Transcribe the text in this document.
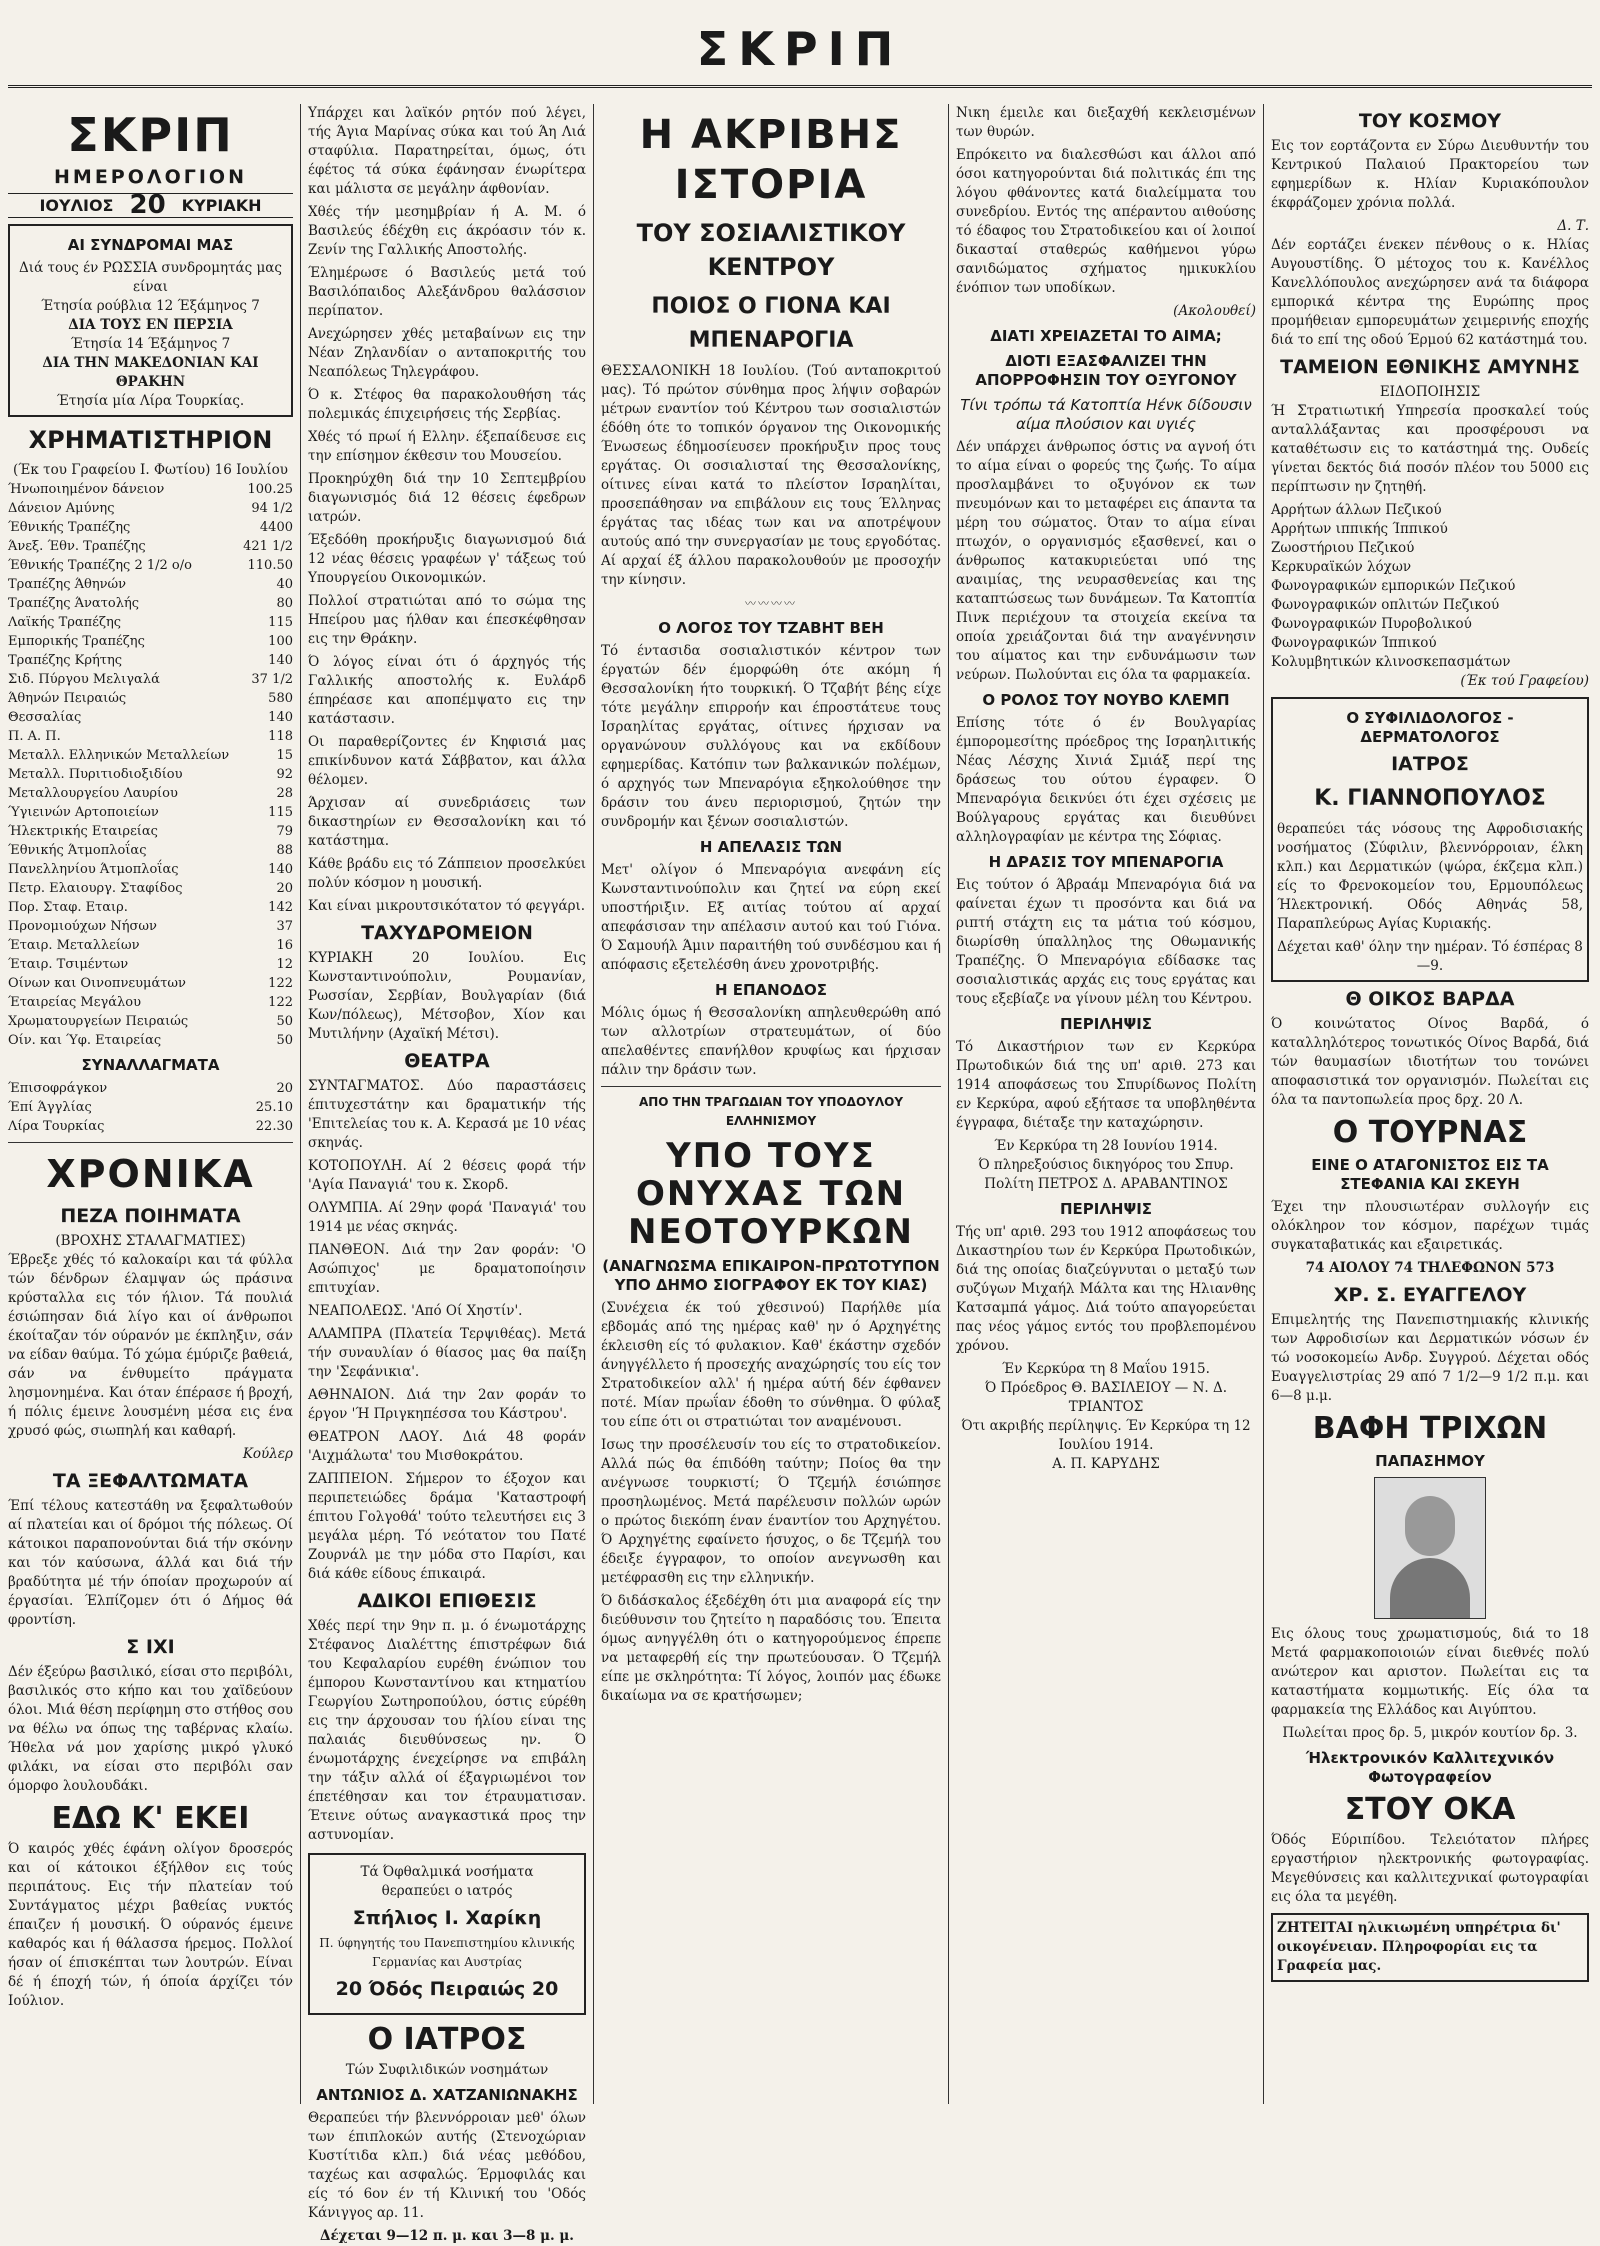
ΣΚΡΙΠ
ΣΚΡΙΠ
ΗΜΕΡΟΛΟΓΙΟΝ
ΙΟΥΛΙΟΣ 20 ΚΥΡΙΑΚΗ
ΑΙ ΣΥΝΔΡΟΜΑΙ ΜΑΣ
Διά τους έν ΡΩΣΣΙΑ συνδρομητάς μας είναι
Έτησία ρούβλια 12 Έξάμηνος 7
ΔΙΑ ΤΟΥΣ ΕΝ ΠΕΡΣΙΑ
Έτησία 14 Έξάμηνος 7
ΔΙΑ ΤΗΝ ΜΑΚΕΔΟΝΙΑΝ ΚΑΙ ΘΡΑΚΗΝ
Έτησία μία Λίρα Τουρκίας.
ΧΡΗΜΑΤΙΣΤΗΡΙΟΝ
(Έκ του Γραφείου Ι. Φωτίου) 16 Ιουλίου
Ήνωποιημένον δάνειον	100.25
Δάνειον Αμύνης	94 1/2
Έθνικής Τραπέζης	4400
Άνεξ. Έθν. Τραπέζης	421 1/2
Έθνικής Τραπέζης 2 1/2 ο/ο	110.50
Τραπέζης Άθηνών	40
Τραπέζης Άνατολής	80
Λαϊκής Τραπέζης	115
Εμπορικής Τραπέζης	100
Τραπέζης Κρήτης	140
Σιδ. Πύργου Μελιγαλά	37 1/2
Άθηνών Πειραιώς	580
Θεσσαλίας	140
Π. Α. Π.	118
Μεταλλ. Ελληνικών Μεταλλείων	15
Μεταλλ. Πυριτιοδιοξιδίου	92
Μεταλλουργείου Λαυρίου	28
Ύγιεινών Αρτοποιείων	115
Ήλεκτρικής Εταιρείας	79
Έθνικής Άτμοπλοΐας	88
Πανελληνίου Άτμοπλοΐας	140
Πετρ. Ελαιουργ. Σταφίδος	20
Πορ. Σταφ. Εταιρ.	142
Προνομιούχων Νήσων	37
Έταιρ. Μεταλλείων	16
Έταιρ. Τσιμέντων	12
Οίνων και Οινοπνευμάτων	122
Έταιρείας Μεγάλου	122
Χρωματουργείων Πειραιώς	50
Οίν. και Ύφ. Εταιρείας	50
ΣΥΝΑΛΛΑΓΜΑΤΑ
Έπισοφράγκον	20
Έπί Άγγλίας	25.10
Λίρα Τουρκίας	22.30
ΧΡΟΝΙΚΑ
ΠΕΖΑ ΠΟΙΗΜΑΤΑ
(ΒΡΟΧΗΣ ΣΤΑΛΑΓΜΑΤΙΕΣ)

Έβρεξε χθές τό καλοκαίρι και τά φύλλα τών δένδρων έλαμψαν ώς πράσινα κρύσταλλα εις τόν ήλιον. Τά πουλιά έσιώπησαν διά λίγο και οί άνθρωποι έκοίταζαν τόν ούρανόν με έκπληξιν, σάν να είδαν θαύμα. Τό χώμα έμύριζε βαθειά, σάν να ένθυμείτο πράγματα λησμονημένα. Και όταν έπέρασε ή βροχή, ή πόλις έμεινε λουσμένη μέσα εις ένα χρυσό φώς, σιωπηλή και καθαρή.

Κούλερ
ΤΑ ΞΕΦΑΛΤΩΜΑΤΑ

Έπί τέλους κατεστάθη να ξεφαλτωθούν αί πλατείαι και οί δρόμοι τής πόλεως. Οί κάτοικοι παραπονούνται διά τήν σκόνην και τόν καύσωνα, άλλά και διά τήν βραδύτητα μέ τήν όποίαν προχωρούν αί έργασίαι. Έλπίζομεν ότι ό Δήμος θά φροντίση.

Σ ΙΧΙ

Δέν έξεύρω βασιλικό, είσαι στο περιβόλι, βασιλικός στο κήπο και του χαϊδεύουν όλοι. Μιά θέση περίφημη στο στήθος σου να θέλω να όπως της ταβέρνας κλαίω. Ήθελα νά μον χαρίσης μικρό γλυκό φιλάκι, να είσαι στο περιβόλι σαν όμορφο λουλουδάκι.

ΕΔΩ Κ' ΕΚΕΙ

Ό καιρός χθές έφάνη ολίγον δροσερός και οί κάτοικοι έξήλθον εις τούς περιπάτους. Εις τήν πλατείαν τού Συντάγματος μέχρι βαθείας νυκτός έπαιζεν ή μουσική. Ό ούρανός έμεινε καθαρός και ή θάλασσα ήρεμος. Πολλοί ήσαν οί έπισκέπται των λουτρών. Είναι δέ ή έποχή τών, ή όποία άρχίζει τόν Ιούλιον.

Υπάρχει και λαϊκόν ρητόν πού λέγει, τής Άγια Μαρίνας σύκα και τού Άη Λιά σταφύλια. Παρατηρείται, όμως, ότι έφέτος τά σύκα έφάνησαν ένωρίτερα και μάλιστα σε μεγάλην άφθονίαν.

Χθές τήν μεσημβρίαν ή Α. Μ. ό Βασιλεύς έδέχθη εις άκρόασιν τόν κ. Ζενίν της Γαλλικής Αποστολής.

Έλημέρωσε ό Βασιλεύς μετά τού Βασιλόπαιδος Αλεξάνδρου θαλάσσιον περίπατον.

Ανεχώρησεν χθές μεταβαίνων εις την Νέαν Ζηλανδίαν ο ανταποκριτής του Νεαπόλεως Τηλεγράφου.

Ό κ. Στέφος θα παρακολουθήση τάς πολεμικάς έπιχειρήσεις τής Σερβίας.

Χθές τό πρωί ή Ελλην. έξεπαίδευσε εις την επίσημον έκθεσιν του Μουσείου.

Προκηρύχθη διά την 10 Σεπτεμβρίου διαγωνισμός διά 12 θέσεις έφεδρων ιατρών.

Έξεδόθη προκήρυξις διαγωνισμού διά 12 νέας θέσεις γραφέων γ' τάξεως τού Υπουργείου Οικονομικών.

Πολλοί στρατιώται από το σώμα της Ηπείρου μας ήλθαν και έπεσκέφθησαν εις την Θράκην.

Ό λόγος είναι ότι ό άρχηγός τής Γαλλικής αποστολής κ. Ευλάρδ έπηρέασε και αποπέμψατο εις την κατάστασιν.

Οι παραθερίζοντες έν Κηφισιά μας επικίνδυνον κατά Σάββατον, και άλλα θέλομεν.

Άρχισαν αί συνεδριάσεις των δικαστηρίων εν Θεσσαλονίκη και τό κατάστημα.

Κάθε βράδυ εις τό Ζάππειον προσελκύει πολύν κόσμον η μουσική.

Και είναι μικρουτσικότατον τό φεγγάρι.

ΤΑΧΥΔΡΟΜΕΙΟΝ

ΚΥΡΙΑΚΗ 20 Ιουλίου. Εις Κωνσταντινούπολιν, Ρουμανίαν, Ρωσσίαν, Σερβίαν, Βουλγαρίαν (διά Κων/πόλεως), Μέτσοβον, Χίον και Μυτιλήνην (Αχαϊκή Μέτσι).

ΘΕΑΤΡΑ

ΣΥΝΤΑΓΜΑΤΟΣ. Δύο παραστάσεις έπιτυχεστάτην και δραματικήν τής 'Επιτελείας του κ. Α. Κερασά με 10 νέας σκηνάς.

ΚΟΤΟΠΟΥΛΗ. Αί 2 θέσεις φορά τήν 'Αγία Παναγιά' του κ. Σκορδ.

ΟΛΥΜΠΙΑ. Αί 29ην φορά 'Παναγιά' του 1914 με νέας σκηνάς.

ΠΑΝΘΕΟΝ. Διά την 2αν φοράν: 'Ο Ασώπιχος' με δραματοποίησιν επιτυχίαν.

ΝΕΑΠΟΛΕΩΣ. 'Από Οί Χηστίν'.

ΑΛΑΜΠΡΑ (Πλατεία Τερψιθέας). Μετά τήν συναυλίαν ό θίασος μας θα παίξη την 'Σεφάνικια'.

ΑΘΗΝΑΙΟΝ. Διά την 2αν φοράν το έργον 'Ή Πριγκηπέσσα του Κάστρου'.

ΘΕΑΤΡΟΝ ΛΑΟΥ. Διά 48 φοράν 'Αιχμάλωτα' του Μισθοκράτου.

ΖΑΠΠΕΙΟΝ. Σήμερον το έξοχον και περιπετειώδες δράμα 'Καταστροφή έπιτου Γολγοθά' τούτο τελευτήσει εις 3 μεγάλα μέρη. Τό νεότατον του Πατέ Ζουρνάλ με την μόδα στο Παρίσι, και διά κάθε είδους έπικαιρά.

ΑΔΙΚΟΙ ΕΠΙΘΕΣΙΣ

Χθές περί την 9ην π. μ. ό ένωμοτάρχης Στέφανος Διαλέττης έπιστρέφων διά του Κεφαλαρίου ευρέθη ένώπιον του έμπορου Κωνσταντίνου και κτηματίου Γεωργίου Σωτηροπούλου, όστις εύρέθη εις την άρχουσαν του ήλίου είναι της παλαιάς διευθύνσεως ην. Ό ένωμοτάρχης ένεχείρησε να επιβάλη την τάξιν αλλά οί έξαγριωμένοι τον έπετέθησαν και τον έτραυματισαν. Έτεινε ούτως αναγκαστικά προς την αστυνομίαν.

Τά Όφθαλμικά νοσήματα
θεραπεύει ο ιατρός
Σπήλιος Ι. Χαρίκη
Π. ύφηγητής του Πανεπιστημίου κλινικής Γερμανίας και Αυστρίας
20 Όδός Πειραιώς 20
Ο ΙΑΤΡΟΣ
Τών Συφιλιδικών νοσημάτων
ΑΝΤΩΝΙΟΣ Δ. ΧΑΤΖΑΝΙΩΝΑΚΗΣ

Θεραπεύει τήν βλεννόρροιαν μεθ' όλων των έπιπλοκών αυτής (Στενοχώριαν Κυστίτιδα κλπ.) διά νέας μεθόδου, ταχέως και ασφαλώς. Έρμοφιλάς και είς τό 6ον έν τή Κλινική του 'Οδός Κάνιγγος αρ. 11.

Δέχεται 9—12 π. μ. και 3—8 μ. μ.
Η ΑΚΡΙΒΗΣ ΙΣΤΟΡΙΑ
ΤΟΥ ΣΟΣΙΑΛΙΣΤΙΚΟΥ ΚΕΝΤΡΟΥ
ΠΟΙΟΣ Ο ΓΙΟΝΑ ΚΑΙ ΜΠΕΝΑΡΟΓΙΑ

ΘΕΣΣΑΛΟΝΙΚΗ 18 Ιουλίου. (Τού ανταποκριτού μας). Τό πρώτον σύνθημα προς λήψιν σοβαρών μέτρων εναντίον τού Κέντρου των σοσιαλιστών έδόθη ότε το τοπικόν όργανον της Οικονομικής Ένωσεως έδημοσίευσεν προκήρυξιν προς τους εργάτας. Οι σοσιαλισταί της Θεσσαλονίκης, οίτινες είναι κατά το πλείστον Ισραηλίται, προσεπάθησαν να επιβάλουν εις τους Έλληνας έργάτας τας ιδέας των και να αποτρέψουν αυτούς από την συνεργασίαν με τους εργοδότας. Αί αρχαί έξ άλλου παρακολουθούν με προσοχήν την κίνησιν.

〰〰〰〰
Ο ΛΟΓΟΣ ΤΟΥ ΤΖΑΒΗΤ ΒΕΗ

Τό έντασιδα σοσιαλιστικόν κέντρον των έργατών δέν έμορφώθη ότε ακόμη ή Θεσσαλονίκη ήτο τουρκική. Ό Τζαβήτ βέης είχε τότε μεγάλην επιρροήν και έπροστάτευε τους Ισραηλίτας εργάτας, οίτινες ήρχισαν να οργανώνουν συλλόγους και να εκδίδουν εφημερίδας. Κατόπιν των βαλκανικών πολέμων, ό αρχηγός των Μπεναρόγια εξηκολούθησε την δράσιν του άνευ περιορισμού, ζητών την συνδρομήν και ξένων σοσιαλιστών.

Η ΑΠΕΛΑΣΙΣ ΤΩΝ

Μετ' ολίγον ό Μπεναρόγια ανεφάνη είς Κωνσταντινούπολιν και ζητεί να εύρη εκεί υποστήριξιν. Εξ αιτίας τούτου αί αρχαί απεφάσισαν την απέλασιν αυτού και τού Γιόνα. Ό Σαμουήλ Άμιν παραιτήθη τού συνδέσμου και ή απόφασις εξετελέσθη άνευ χρονοτριβής.

Η ΕΠΑΝΟΔΟΣ

Μόλις όμως ή Θεσσαλονίκη απηλευθερώθη από των αλλοτρίων στρατευμάτων, οί δύο απελαθέντες επανήλθον κρυφίως και ήρχισαν πάλιν την δράσιν των.

ΑΠΟ ΤΗΝ ΤΡΑΓΩΔΙΑΝ ΤΟΥ ΥΠΟΔΟΥΛΟΥ ΕΛΛΗΝΙΣΜΟΥ
ΥΠΟ ΤΟΥΣ ΟΝΥΧΑΣ ΤΩΝ ΝΕΟΤΟΥΡΚΩΝ
(ΑΝΑΓΝΩΣΜΑ ΕΠΙΚΑΙΡΟΝ-ΠΡΩΤΟΤΥΠΟΝ ΥΠΟ ΔΗΜΟ ΣΙΟΓΡΑΦΟΥ ΕΚ ΤΟΥ ΚΙΑΣ)

(Συνέχεια έκ τού χθεσινού) Παρήλθε μία εβδομάς από της ημέρας καθ' ην ό Αρχηγέτης έκλεισθη είς τό φυλακιον. Καθ' έκάστην σχεδόν άνηγγέλλετο ή προσεχής αναχώρησίς του είς τον Στρατοδικείον αλλ' ή ημέρα αύτή δέν έφθανεν ποτέ. Μίαν πρωΐαν έδοθη το σύνθημα. Ό φύλαξ του είπε ότι οι στρατιώται τον αναμένουσι.

Ισως την προσέλευσίν του είς το στρατοδικείον. Αλλά πώς θα έπιδόθη ταύτην; Ποίος θα την ανέγνωσε τουρκιστί; Ό Τζεμήλ έσιώπησε προσηλωμένος. Μετά παρέλευσιν πολλών ωρών ο πρώτος διεκόπη έναν έναντίον του Αρχηγέτου. Ό Αρχηγέτης εφαίνετο ήσυχος, ο δε Τζεμήλ του έδειξε έγγραφον, το οποίον ανεγνωσθη και μετέφρασθη εις την ελληνικήν.

Ό διδάσκαλος έξεδέχθη ότι μια αναφορά είς την διεύθυνσιν του ζητείτο η παραδόσις του. Έπειτα όμως ανηγγέλθη ότι ο κατηγορούμενος έπρεπε να μεταφερθή είς την πρωτεύουσαν. Ό Τζεμήλ είπε με σκληρότητα: Τί λόγος, λοιπόν μας έδωκε δικαίωμα να σε κρατήσωμεν;

Νικη έμειλε και διεξαχθή κεκλεισμένων των θυρών.

Επρόκειτο να διαλεσθώσι και άλλοι από όσοι κατηγορούνται διά πολιτικάς έπι της λόγου φθάνοντες κατά διαλείμματα του συνεδρίου. Εντός της απέραντου αιθούσης τό έδαφος του Στρατοδικείου και οί λοιποί δικασταί σταθερώς καθήμενοι γύρω σανιδώματος σχήματος ημικυκλίου ένόπιον των υποδίκων.

(Ακολουθεί)
ΔΙΑΤΙ ΧΡΕΙΑΖΕΤΑΙ ΤΟ ΑΙΜΑ;
ΔΙΟΤΙ ΕΞΑΣΦΑΛΙΖΕΙ ΤΗΝ ΑΠΟΡΡΟΦΗΣΙΝ ΤΟΥ ΟΞΥΓΟΝΟΥ
Τίνι τρόπω τά Κατοπτία Ηένκ δίδουσιν αίμα πλούσιον και υγιές

Δέν υπάρχει άνθρωπος όστις να αγνοή ότι το αίμα είναι ο φορεύς της ζωής. Το αίμα προσλαμβάνει το οξυγόνον εκ των πνευμόνων και το μεταφέρει εις άπαντα τα μέρη του σώματος. Όταν το αίμα είναι πτωχόν, ο οργανισμός εξασθενεί, και ο άνθρωπος κατακυριεύεται υπό της αναιμίας, της νευρασθενείας και της καταπτώσεως των δυνάμεων. Τα Κατοπτία Πινκ περιέχουν τα στοιχεία εκείνα τα οποία χρειάζονται διά την αναγέννησιν του αίματος και την ενδυνάμωσιν των νεύρων. Πωλούνται εις όλα τα φαρμακεία.

Ο ΡΟΛΟΣ ΤΟΥ ΝΟΥΒΟ ΚΛΕΜΠ

Επίσης τότε ό έν Βουλγαρίας έμπορομεσίτης πρόεδρος της Ισραηλιτικής Νέας Λέσχης Χινιά Σμιάξ περί της δράσεως του ούτου έγραφεν. Ό Μπεναρόγια δεικνύει ότι έχει σχέσεις με Βούλγαρους εργάτας και διευθύνει αλληλογραφίαν με κέντρα της Σόφιας.

Η ΔΡΑΣΙΣ ΤΟΥ ΜΠΕΝΑΡΟΓΙΑ

Εις τούτον ό Άβραάμ Μπεναρόγια διά να φαίνεται έχων τι προσόντα και διά να ριπτή στάχτη εις τα μάτια τού κόσμου, διωρίσθη ύπαλληλος της Οθωμανικής Τραπέζης. Ό Μπεναρόγια εδίδασκε τας σοσιαλιστικάς αρχάς εις τους εργάτας και τους εξεβίαζε να γίνουν μέλη του Κέντρου.

ΠΕΡΙΛΗΨΙΣ

Τό Δικαστήριον των εν Κερκύρα Πρωτοδικών διά της υπ' αριθ. 273 και 1914 αποφάσεως του Σπυρίδωνος Πολίτη εν Κερκύρα, αφού εξήτασε τα υποβληθέντα έγγραφα, διέταξε την καταχώρησιν.

Έν Κερκύρα τη 28 Ιουνίου 1914.
Ό πληρεξούσιος δικηγόρος του Σπυρ. Πολίτη ΠΕΤΡΟΣ Δ. ΑΡΑΒΑΝΤΙΝΟΣ
ΠΕΡΙΛΗΨΙΣ

Τής υπ' αριθ. 293 του 1912 αποφάσεως του Δικαστηρίου των έν Κερκύρα Πρωτοδικών, διά της οποίας διαζεύγνυται ο μεταξύ των συζύγων Μιχαήλ Μάλτα και της Ηλιανθης Κατσαμπά γάμος. Διά τούτο απαγορεύεται πας νέος γάμος εντός του προβλεπομένου χρόνου.

Έν Κερκύρα τη 8 Μαΐου 1915.
Ό Πρόεδρος Θ. ΒΑΣΙΛΕΙΟΥ — Ν. Δ. ΤΡΙΑΝΤΟΣ
Ότι ακριβής περίληψις. Έν Κερκύρα τη 12 Ιουλίου 1914.
Α. Π. ΚΑΡΥΔΗΣ
ΤΟΥ ΚΟΣΜΟΥ

Εις τον εορτάζοντα εν Σύρω Διευθυντήν του Κεντρικού Παλαιού Πρακτορείου των εφημερίδων κ. Ηλίαν Κυριακόπουλον έκφράζομεν χρόνια πολλά.

Δ. Τ.

Δέν εορτάζει ένεκεν πένθους ο κ. Ηλίας Αυγουστίδης. Ό μέτοχος του κ. Κανέλλος Κανελλόπουλος ανεχώρησεν ανά τα διάφορα εμπορικά κέντρα της Ευρώπης προς προμήθειαν εμπορευμάτων χειμερινής εποχής διά το επί της οδού Έρμού 62 κατάστημά του.

ΤΑΜΕΙΟΝ ΕΘΝΙΚΗΣ ΑΜΥΝΗΣ
ΕΙΔΟΠΟΙΗΣΙΣ

Ή Στρατιωτική Υπηρεσία προσκαλεί τούς ανταλλάξαντας και προσφέρουσι να καταθέτωσιν εις το κατάστημά της. Ουδείς γίνεται δεκτός διά ποσόν πλέον του 5000 εις περίπτωσιν ην ζητηθή.

Αρρήτων άλλων Πεζικού
Αρρήτων ιππικής Ίππικού
Ζωοστήριου Πεζικού
Κερκυραϊκών λόχων
Φωνογραφικών εμπορικών Πεζικού
Φωνογραφικών οπλιτών Πεζικού
Φωνογραφικών Πυροβολικού
Φωνογραφικών Ίππικού
Κολυμβητικών κλινοσκεπασμάτων
(Έκ τού Γραφείου)
Ο ΣΥΦΙΛΙΔΟΛΟΓΟΣ - ΔΕΡΜΑΤΟΛΟΓΟΣ
ΙΑΤΡΟΣ
Κ. ΓΙΑΝΝΟΠΟΥΛΟΣ

θεραπεύει τάς νόσους της Αφροδισιακής νοσήματος (Σύφιλιν, βλεννόρροιαν, έλκη κλπ.) και Δερματικών (ψώρα, έκζεμα κλπ.) είς το Φρενοκομείον του, Ερμουπόλεως Ήλεκτρονική. Οδός Αθηνάς 58, Παραπλεύρως Αγίας Κυριακής.

Δέχεται καθ' όλην την ημέραν. Τό έσπέρας 8—9.
Θ ΟΙΚΟΣ ΒΑΡΔΑ

Ό κοινώτατος Οίνος Βαρδά, ό καταλληλότερος τονωτικός Οίνος Βαρδά, διά τών θαυμασίων ιδιοτήτων του τονώνει αποφασιστικά τον οργανισμόν. Πωλείται εις όλα τα παντοπωλεία προς δρχ. 20 Λ.

Ο ΤΟΥΡΝΑΣ
ΕΙΝΕ Ο ΑΤΑΓΟΝΙΣΤΟΣ ΕΙΣ ΤΑ ΣΤΕΦΑΝΙΑ ΚΑΙ ΣΚΕΥΗ

Έχει την πλουσιωτέραν συλλογήν εις ολόκληρον τον κόσμον, παρέχων τιμάς συγκαταβατικάς και εξαιρετικάς.

74 ΑΙΟΛΟΥ 74 ΤΗΛΕΦΩΝΟΝ 573
ΧΡ. Σ. ΕΥΑΓΓΕΛΟΥ

Επιμελητής της Πανεπιστημιακής κλινικής των Αφροδισίων και Δερματικών νόσων έν τώ νοσοκομείω Ανδρ. Συγγρού. Δέχεται οδός Ευαγγελιστρίας 29 από 7 1/2—9 1/2 π.μ. και 6—8 μ.μ.

ΒΑΦΗ ΤΡΙΧΩΝ
ΠΑΠΑΣΗΜΟΥ

Εις όλους τους χρωματισμούς, διά το 18 Μετά φαρμακοποιοιών είναι διεθνές πολύ ανώτερον και αριστον. Πωλείται εις τα καταστήματα κομμωτικής. Είς όλα τα φαρμακεία της Ελλάδος και Αιγύπτου.

Πωλείται προς δρ. 5, μικρόν κουτίον δρ. 3.
Ήλεκτρονικόν Καλλιτεχνικόν Φωτογραφείον
ΣΤΟΥ ΟΚΑ

Όδός Εύριπίδου. Τελειότατον πλήρες εργαστήριον ηλεκτρονικής φωτογραφίας. Μεγεθύνσεις και καλλιτεχνικαί φωτογραφίαι εις όλα τα μεγέθη.

ΖΗΤΕΙΤΑΙ ηλικιωμένη υπηρέτρια δι' οικογένειαν. Πληροφορίαι εις τα Γραφεία μας.
